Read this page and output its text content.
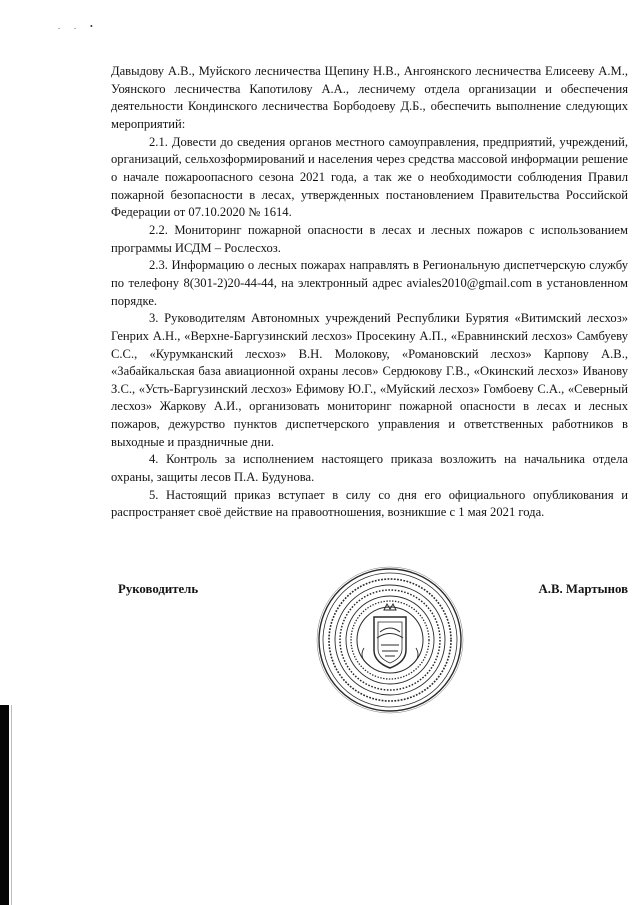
. . •

Давыдову А.В., Муйского лесничества Щепину Н.В., Ангоянского лесничества Елисееву А.М., Уоянского лесничества Капотилову А.А., лесничему отдела организации и обеспечения деятельности Кондинского лесничества Борбодоеву Д.Б., обеспечить выполнение следующих мероприятий:

2.1. Довести до сведения органов местного самоуправления, предприятий, учреждений, организаций, сельхозформирований и населения через средства массовой информации решение о начале пожароопасного сезона 2021 года, а так же о необходимости соблюдения Правил пожарной безопасности в лесах, утвержденных постановлением Правительства Российской Федерации от 07.10.2020 № 1614.

2.2. Мониторинг пожарной опасности в лесах и лесных пожаров с использованием программы ИСДМ – Рослесхоз.

2.3. Информацию о лесных пожарах направлять в Региональную диспетчерскую службу по телефону 8(301-2)20-44-44, на электронный адрес aviales2010@gmail.com в установленном порядке.

3. Руководителям Автономных учреждений Республики Бурятия «Витимский лесхоз» Генрих А.Н., «Верхне-Баргузинский лесхоз» Просекину А.П., «Еравнинский лесхоз» Самбуеву С.С., «Курумканский лесхоз» В.Н. Молокову, «Романовский лесхоз» Карпову А.В., «Забайкальская база авиационной охраны лесов» Сердюкову Г.В., «Окинский лесхоз» Иванову З.С., «Усть-Баргузинский лесхоз» Ефимову Ю.Г., «Муйский лесхоз» Гомбоеву С.А., «Северный лесхоз» Жаркову А.И., организовать мониторинг пожарной опасности в лесах и лесных пожаров, дежурство пунктов диспетчерского управления и ответственных работников в выходные и праздничные дни.

4. Контроль за исполнением настоящего приказа возложить на начальника отдела охраны, защиты лесов П.А. Будунова.

5. Настоящий приказ вступает в силу со дня его официального опубликования и распространяет своё действие на правоотношения, возникшие с 1 мая 2021 года.

Руководитель	А.В. Мартынов
